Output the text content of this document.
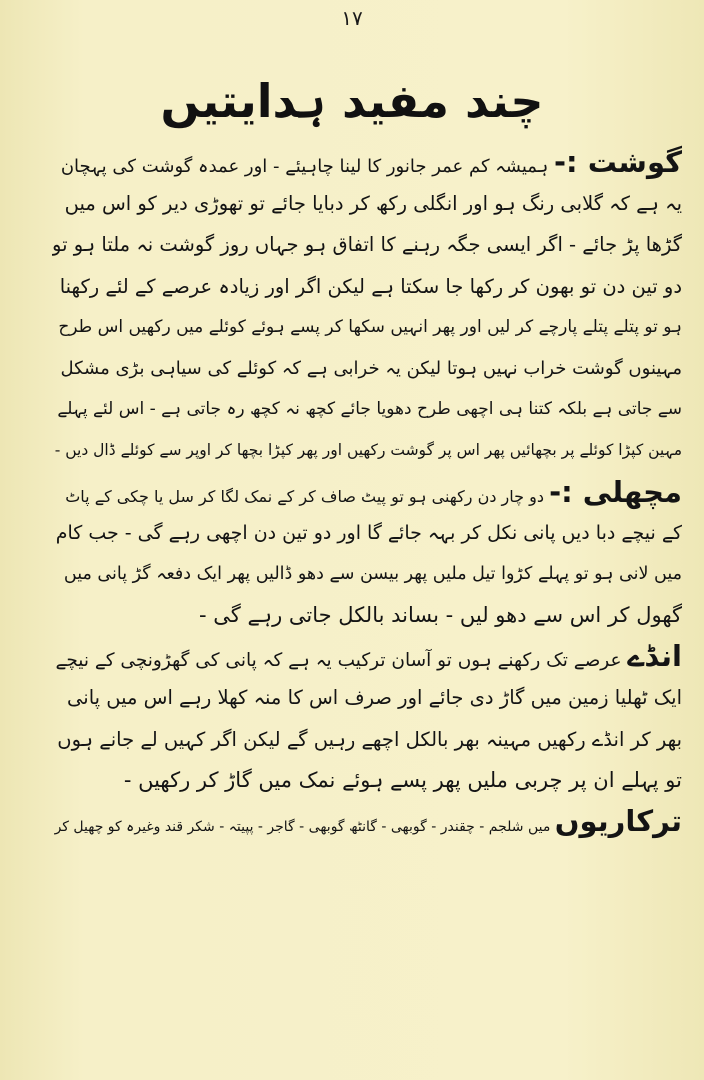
۱۷
چند مفید ہدایتیں
گوشت :- ہمیشہ کم عمر جانور کا لینا چاہیئے - اور عمدہ گوشت کی پہچان
یہ ہے کہ گلابی رنگ ہو اور انگلی رکھ کر دبایا جائے تو تھوڑی دیر کو اس میں
گڑھا پڑ جائے - اگر ایسی جگہ رہنے کا اتفاق ہو جہاں روز گوشت نہ ملتا ہو تو
دو تین دن تو بھون کر رکھا جا سکتا ہے لیکن اگر اور زیادہ عرصے کے لئے رکھنا
ہو تو پتلے پتلے پارچے کر لیں اور پھر انہیں سکھا کر پسے ہوئے کوئلے میں رکھیں اس طرح
مہینوں گوشت خراب نہیں ہوتا لیکن یہ خرابی ہے کہ کوئلے کی سیاہی بڑی مشکل
سے جاتی ہے بلکہ کتنا ہی اچھی طرح دھویا جائے کچھ نہ کچھ رہ جاتی ہے - اس لئے پہلے
مہین کپڑا کوئلے پر بچھائیں پھر اس پر گوشت رکھیں اور پھر کپڑا بچھا کر اوپر سے کوئلے ڈال دیں -
مچھلی :- دو چار دن رکھنی ہو تو پیٹ صاف کر کے نمک لگا کر سل یا چکی کے پاٹ
کے نیچے دبا دیں پانی نکل کر بہہ جائے گا اور دو تین دن اچھی رہے گی - جب کام
میں لانی ہو تو پہلے کڑوا تیل ملیں پھر بیسن سے دھو ڈالیں پھر ایک دفعہ گڑ پانی میں
گھول کر اس سے دھو لیں - بساند بالکل جاتی رہے گی -
انڈے عرصے تک رکھنے ہوں تو آسان ترکیب یہ ہے کہ پانی کی گھڑونچی کے نیچے
ایک ٹھلیا زمین میں گاڑ دی جائے اور صرف اس کا منہ کھلا رہے اس میں پانی
بھر کر انڈے رکھیں مہینہ بھر بالکل اچھے رہیں گے لیکن اگر کہیں لے جانے ہوں
تو پہلے ان پر چربی ملیں پھر پسے ہوئے نمک میں گاڑ کر رکھیں -
ترکاریوں میں شلجم - چقندر - گوبھی - گانٹھ گوبھی - گاجر - پپیتہ - شکر قند وغیرہ کو چھیل کر
